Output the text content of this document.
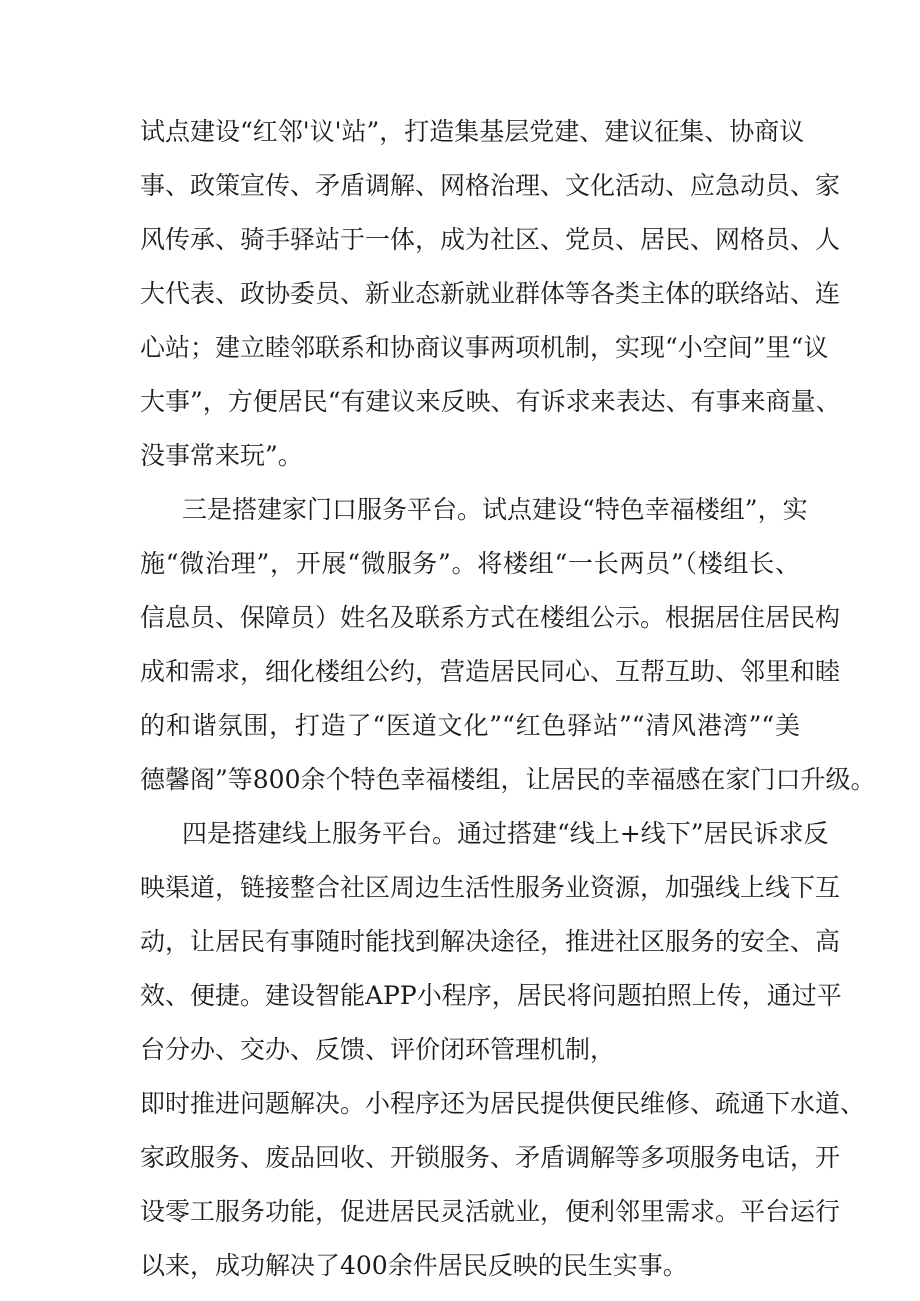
试点建设“红邻'议'站”，打造集基层党建、建议征集、协商议
事、政策宣传、矛盾调解、网格治理、文化活动、应急动员、家
风传承、骑手驿站于一体，成为社区、党员、居民、网格员、人
大代表、政协委员、新业态新就业群体等各类主体的联络站、连
心站；建立睦邻联系和协商议事两项机制，实现“小空间”里“议
大事”，方便居民“有建议来反映、有诉求来表达、有事来商量、
没事常来玩”。
三是搭建家门口服务平台。试点建设“特色幸福楼组”，实
施“微治理”，开展“微服务”。将楼组“一长两员”（楼组长、
信息员、保障员）姓名及联系方式在楼组公示。根据居住居民构
成和需求，细化楼组公约，营造居民同心、互帮互助、邻里和睦
的和谐氛围，打造了“医道文化”“红色驿站”“清风港湾”“美
德馨阁”等800余个特色幸福楼组，让居民的幸福感在家门口升级。
四是搭建线上服务平台。通过搭建“线上+线下”居民诉求反
映渠道，链接整合社区周边生活性服务业资源，加强线上线下互
动，让居民有事随时能找到解决途径，推进社区服务的安全、高
效、便捷。建设智能APP小程序，居民将问题拍照上传，通过平
台分办、交办、反馈、评价闭环管理机制，
即时推进问题解决。小程序还为居民提供便民维修、疏通下水道、
家政服务、废品回收、开锁服务、矛盾调解等多项服务电话，开
设零工服务功能，促进居民灵活就业，便利邻里需求。平台运行
以来，成功解决了400余件居民反映的民生实事。
